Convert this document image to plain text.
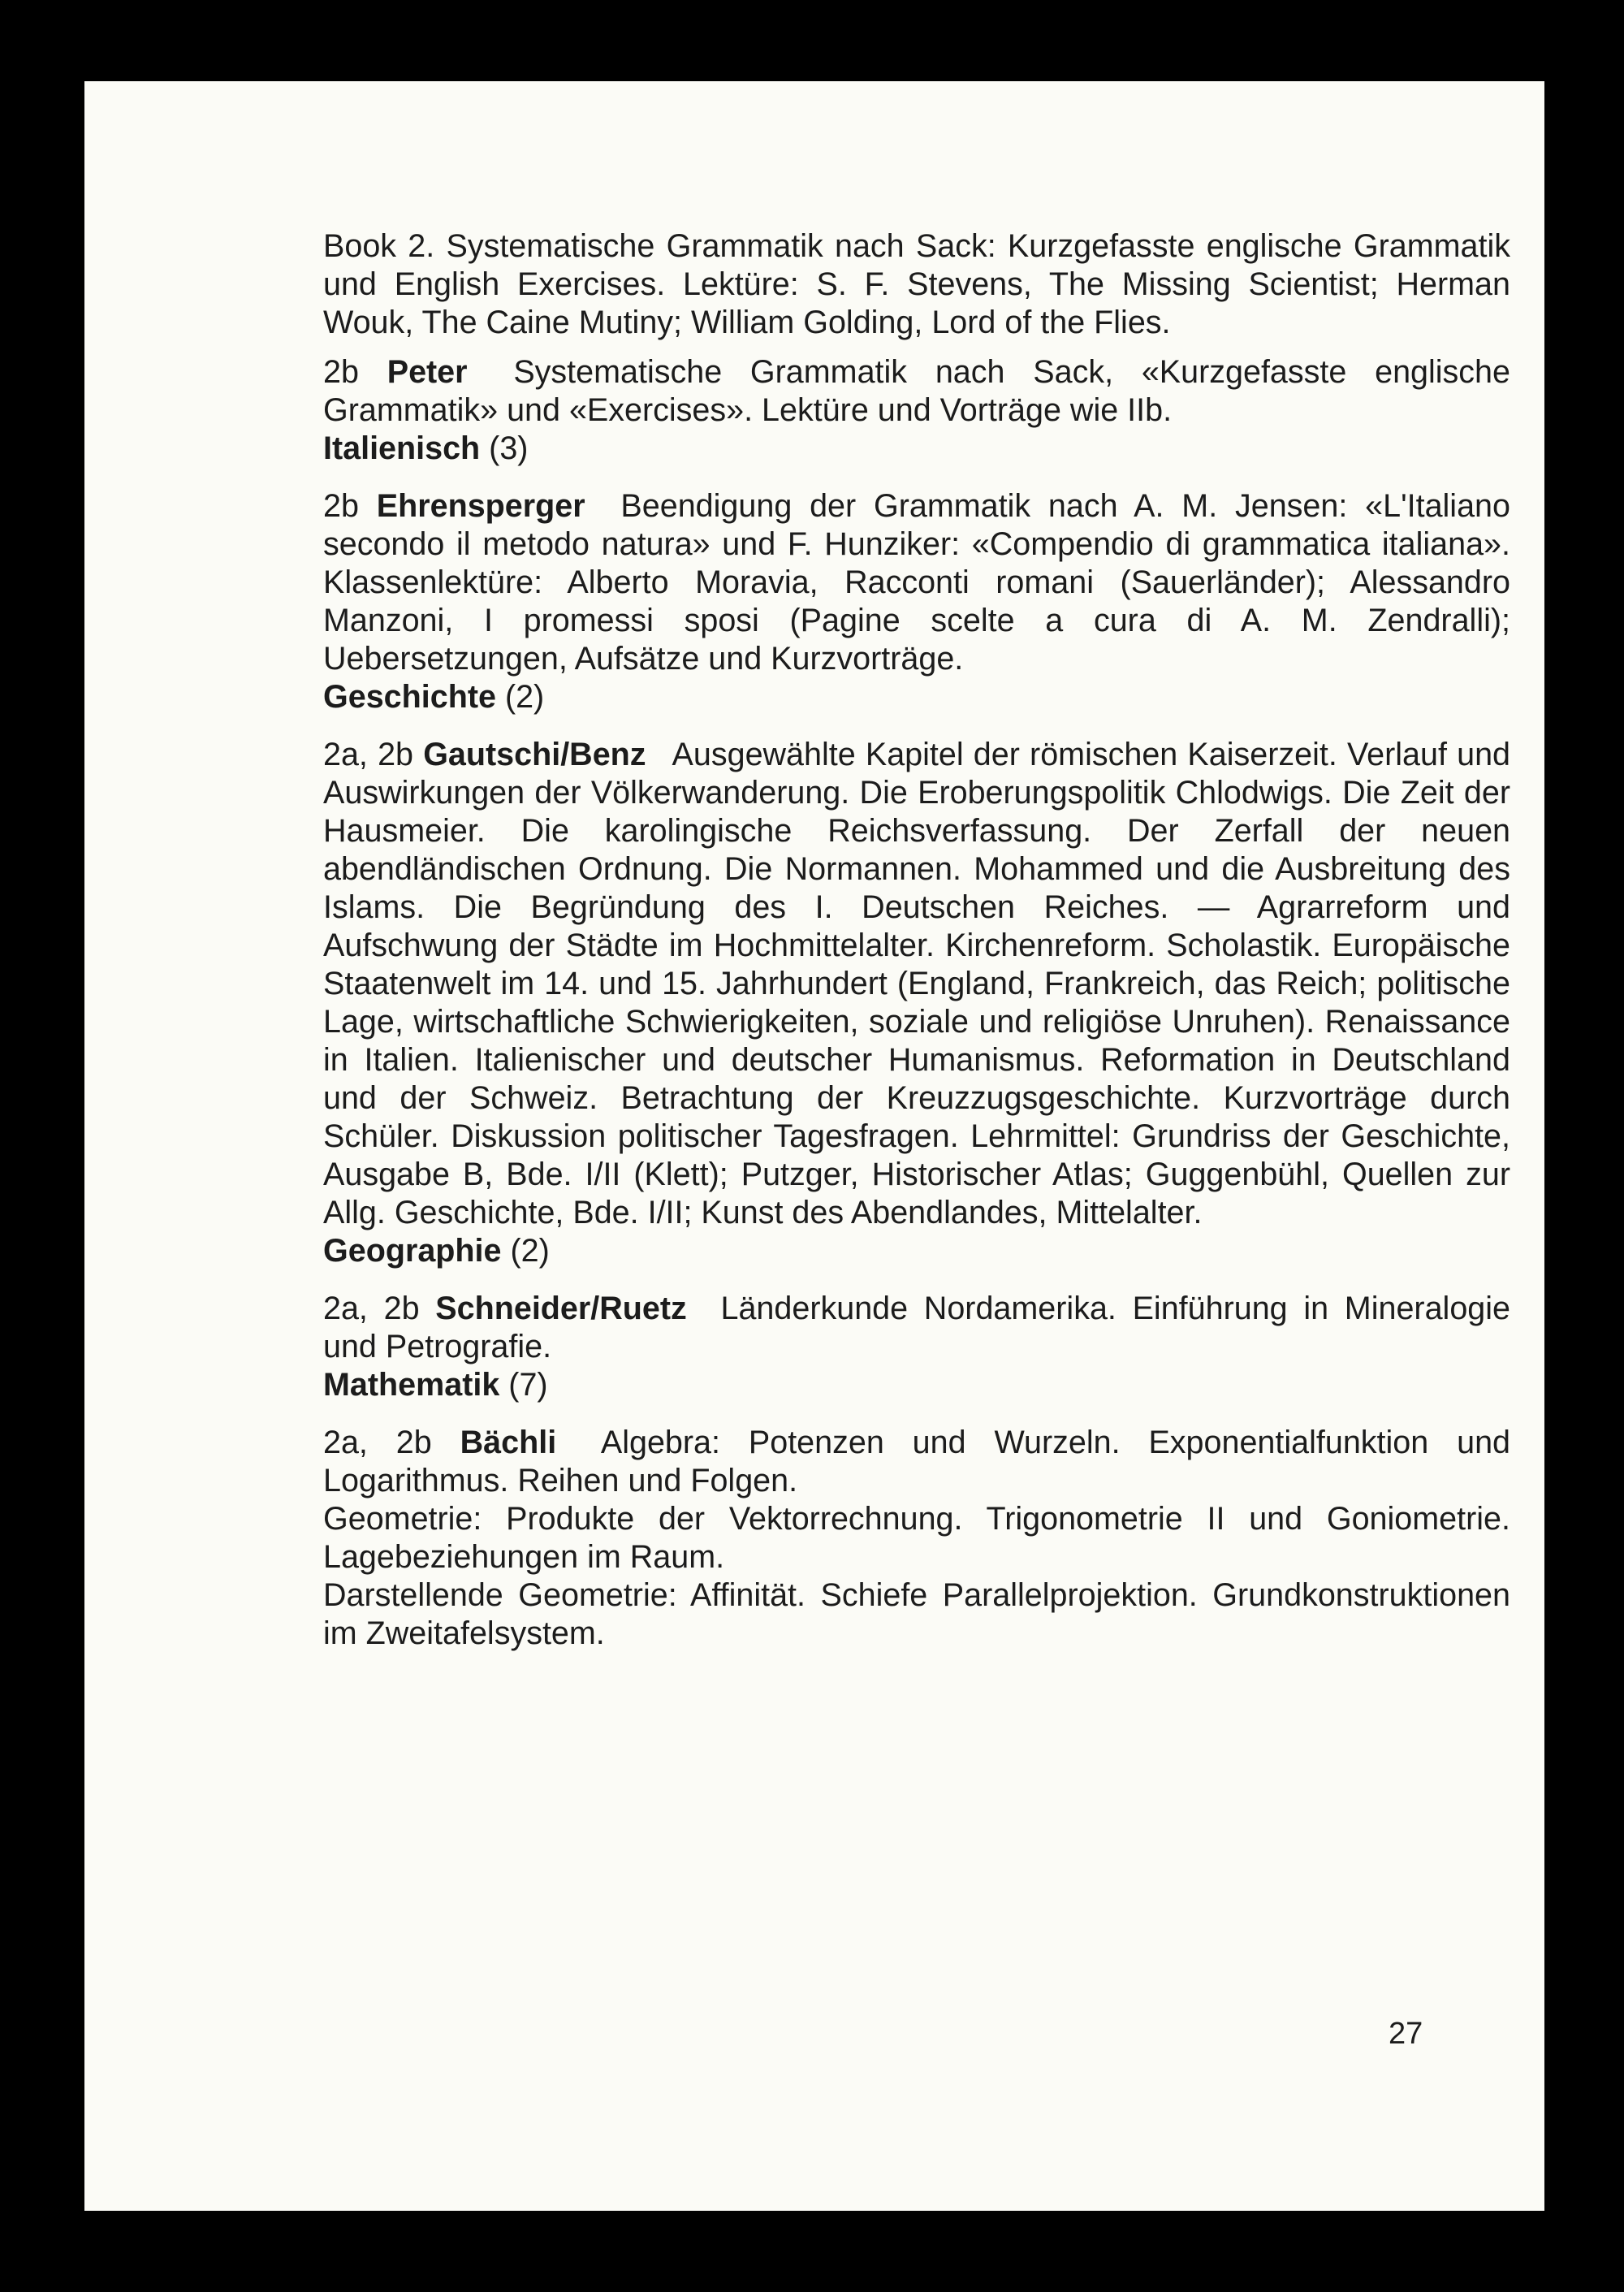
Book 2. Systematische Grammatik nach Sack: Kurzgefasste englische Grammatik und English Exercises. Lektüre: S. F. Stevens, The Missing Scientist; Herman Wouk, The Caine Mutiny; William Golding, Lord of the Flies.

2b Peter Systematische Grammatik nach Sack, «Kurzgefasste englische Grammatik» und «Exercises». Lektüre und Vorträge wie IIb.

Italienisch (3)

2b Ehrensperger Beendigung der Grammatik nach A. M. Jensen: «L'Italiano secondo il metodo natura» und F. Hunziker: «Compendio di grammatica italiana». Klassenlektüre: Alberto Moravia, Racconti romani (Sauerländer); Alessandro Manzoni, I promessi sposi (Pagine scelte a cura di A. M. Zendralli); Uebersetzungen, Aufsätze und Kurzvorträge.

Geschichte (2)

2a, 2b Gautschi/Benz Ausgewählte Kapitel der römischen Kaiserzeit. Verlauf und Auswirkungen der Völkerwanderung. Die Eroberungspolitik Chlodwigs. Die Zeit der Hausmeier. Die karolingische Reichsverfassung. Der Zerfall der neuen abendländischen Ordnung. Die Normannen. Mohammed und die Ausbreitung des Islams. Die Begründung des I. Deutschen Reiches. — Agrarreform und Aufschwung der Städte im Hochmittelalter. Kirchenreform. Scholastik. Europäische Staatenwelt im 14. und 15. Jahrhundert (England, Frankreich, das Reich; politische Lage, wirtschaftliche Schwierigkeiten, soziale und religiöse Unruhen). Renaissance in Italien. Italienischer und deutscher Humanismus. Reformation in Deutschland und der Schweiz. Betrachtung der Kreuzzugsgeschichte. Kurzvorträge durch Schüler. Diskussion politischer Tagesfragen. Lehrmittel: Grundriss der Geschichte, Ausgabe B, Bde. I/II (Klett); Putzger, Historischer Atlas; Guggenbühl, Quellen zur Allg. Geschichte, Bde. I/II; Kunst des Abendlandes, Mittelalter.

Geographie (2)

2a, 2b Schneider/Ruetz Länderkunde Nordamerika. Einführung in Mineralogie und Petrografie.

Mathematik (7)

2a, 2b Bächli Algebra: Potenzen und Wurzeln. Exponentialfunktion und Logarithmus. Reihen und Folgen.

Geometrie: Produkte der Vektorrechnung. Trigonometrie II und Goniometrie. Lagebeziehungen im Raum.

Darstellende Geometrie: Affinität. Schiefe Parallelprojektion. Grundkonstruktionen im Zweitafelsystem.

27
